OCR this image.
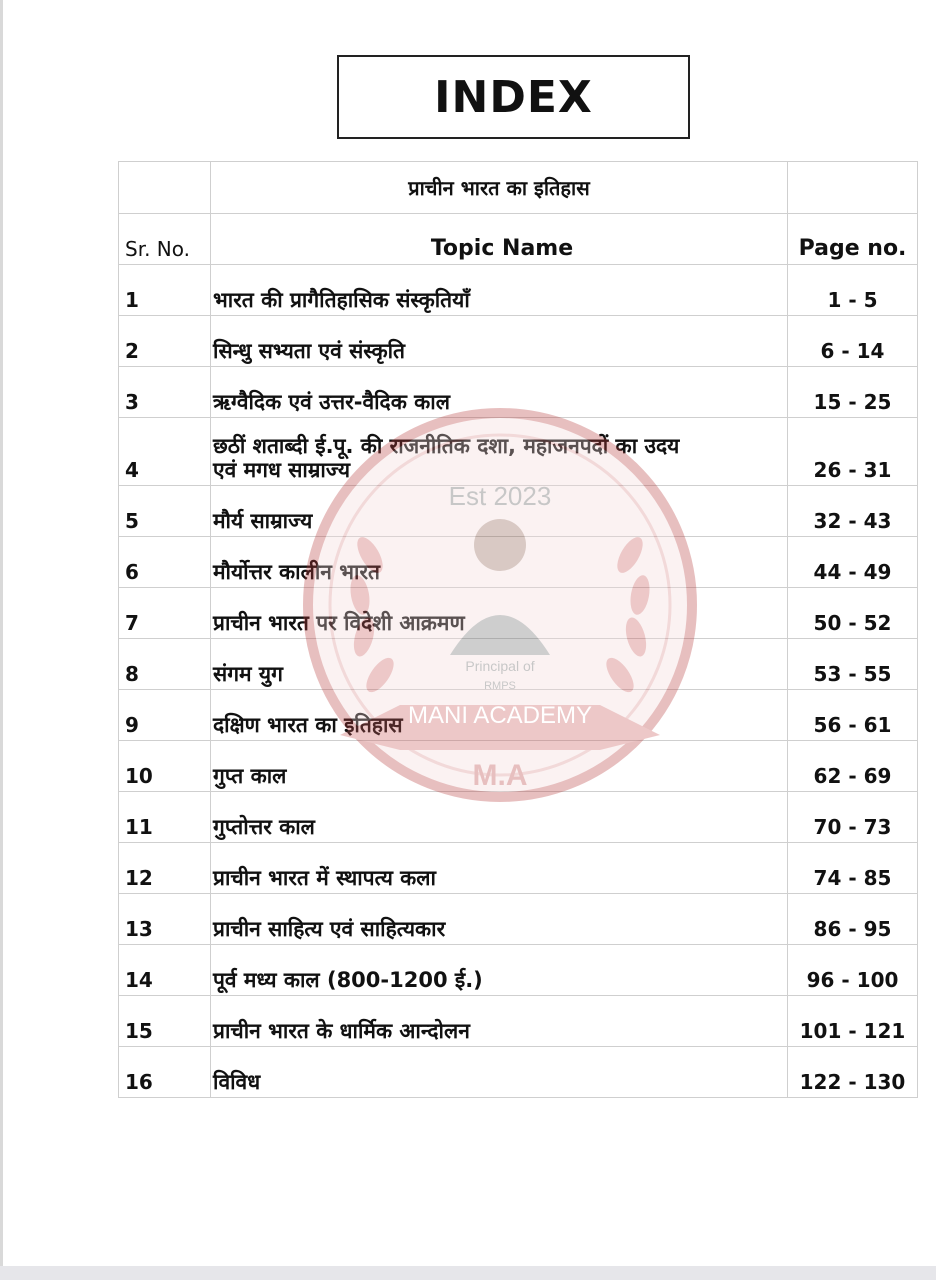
INDEX
	प्राचीन भारत का इतिहास	
Sr. No.	Topic Name	Page no.
1	भारत की प्रागैतिहासिक संस्कृतियाँ	1 - 5
2	सिन्धु सभ्यता एवं संस्कृति	6 - 14
3	ऋग्वैदिक एवं उत्तर-वैदिक काल	15 - 25
4	छठीं शताब्दी ई.पू. की राजनीतिक दशा, महाजनपदों का उदय
एवं मगध साम्राज्य	26 - 31
5	मौर्य साम्राज्य	32 - 43
6	मौर्योत्तर कालीन भारत	44 - 49
7	प्राचीन भारत पर विदेशी आक्रमण	50 - 52
8	संगम युग	53 - 55
9	दक्षिण भारत का इतिहास	56 - 61
10	गुप्त काल	62 - 69
11	गुप्तोत्तर काल	70 - 73
12	प्राचीन भारत में स्थापत्य कला	74 - 85
13	प्राचीन साहित्य एवं साहित्यकार	86 - 95
14	पूर्व मध्य काल (800-1200 ई.)	96 - 100
15	प्राचीन भारत के धार्मिक आन्दोलन	101 - 121
16	विविध	122 - 130
Est 2023
Principal of
RMPS
MANI ACADEMY
M.A
